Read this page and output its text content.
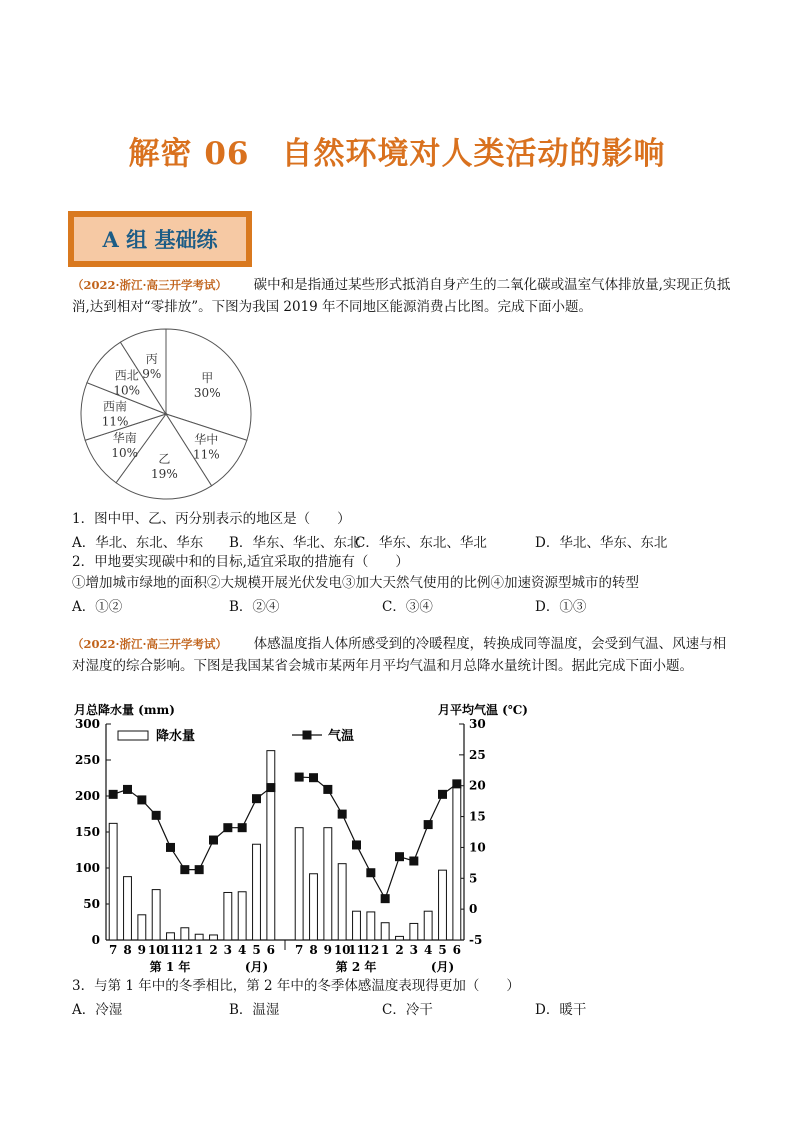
解密 06　自然环境对人类活动的影响
A 组 基础练
（2022·浙江·高三开学考试） 碳中和是指通过某些形式抵消自身产生的二氧化碳或温室气体排放量,实现正负抵消,达到相对“零排放”。下图为我国 2019 年不同地区能源消费占比图。完成下面小题。
甲
30%
华中
11%
乙
19%
华南
10%
西南
11%
西北
10%
丙
9%
1．图中甲、乙、丙分别表示的地区是（　　）
A．华北、东北、华东 B．华东、华北、东北
C．华东、东北、华北	D．华北、华东、东北
2．甲地要实现碳中和的目标,适宜采取的措施有（　　）
①增加城市绿地的面积②大规模开展光伏发电③加大天然气使用的比例④加速资源型城市的转型
A．①②	B．②④	C．③④	D．①③
（2022·浙江·高三开学考试） 体感温度指人体所感受到的冷暖程度，转换成同等温度，会受到气温、风速与相对湿度的综合影响。下图是我国某省会城市某两年月平均气温和月总降水量统计图。据此完成下面小题。
月总降水量 (mm)	月平均气温 (℃)
0
50
100
150
200
250
300
-5
0
5
10
15
20
25
30
7 8 9 10
11
12 1 2 3 4 5 6 7 8 9 10
11
12 1 2 3 4 5 6
第 1 年	第 2 年
(月)	(月)
降水量	气温
3．与第 1 年中的冬季相比，第 2 年中的冬季体感温度表现得更加（　　）
A．冷湿	B．温湿	C．冷干	D．暖干
